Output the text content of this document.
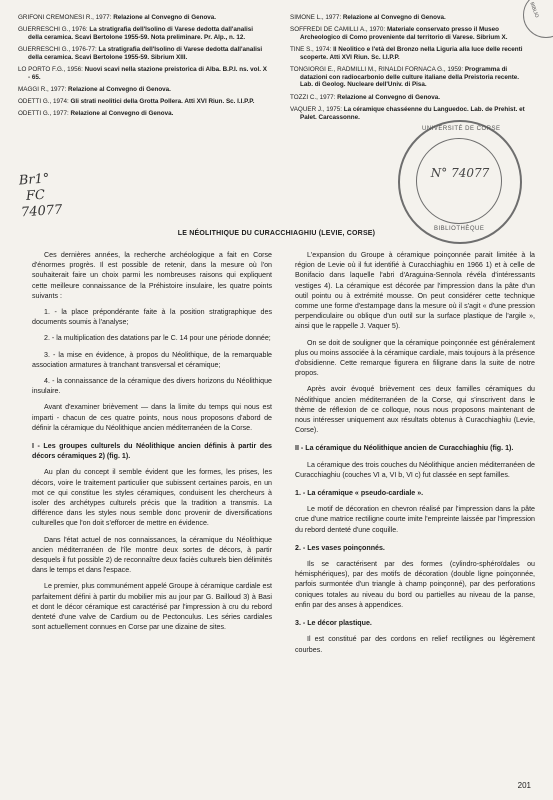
GRIFONI CREMONESI R., 1977: Relazione al Convegno di Genova.
GUERRESCHI G., 1976: La stratigrafia dell'Isolino di Varese dedotta dall'analisi della ceramica. Scavi Bertolone 1955-59. Nota preliminare. Pr. Alp., n. 12.
GUERRESCHI G., 1976-77: La stratigrafia dell'Isolino di Varese dedotta dall'analisi della ceramica. Scavi Bertolone 1955-59. Sibrium XIII.
LO PORTO F.G., 1956: Nuovi scavi nella stazione preistorica di Alba. B.P.I. ns. vol. X - 65.
MAGGI R., 1977: Relazione al Convegno di Genova.
ODETTI G., 1974: Gli strati neolitici della Grotta Pollera. Atti XVI Riun. Sc. I.I.P.P.
ODETTI G., 1977: Relazione al Convegno di Genova.
SIMONE L., 1977: Relazione al Convegno di Genova.
SOFFREDI DE CAMILLI A., 1970: Materiale conservato presso il Museo Archeologico di Como proveniente dal territorio di Varese. Sibrium X.
TINE S., 1974: Il Neolitico e l'età del Bronzo nella Liguria alla luce delle recenti scoperte. Atti XVI Riun. Sc. I.I.P.P.
TONGIORGI E., RADMILLI M., RINALDI FORNACA G., 1959: Programma di datazioni con radiocarbonio delle culture italiane della Preistoria recente. Lab. di Geolog. Nucleare dell'Univ. di Pisa.
TOZZI C., 1977: Relazione al Convegno di Genova.
VAQUER J., 1975: La céramique chasséenne du Languedoc. Lab. de Prehist. et Palet. Carcassonne.
Br1°
FC
74077
UNIVERSITÉ DE CORSE
BIBLIOTHÈQUE
N° 74077
BIBLIO
LE NÉOLITHIQUE DU CURACCHIAGHIU (LEVIE, CORSE)

Ces dernières années, la recherche archéologique a fait en Corse d'énormes progrès. Il est possible de retenir, dans la mesure où l'on souhaiterait faire un choix parmi les nombreuses raisons qui expliquent cette meilleure connaissance de la Préhistoire insulaire, les quatre points suivants :

1. - la place prépondérante faite à la position stratigraphique des documents soumis à l'analyse;

2. - la multiplication des datations par le C. 14 pour une période donnée;

3. - la mise en évidence, à propos du Néolithique, de la remarquable association armatures à tranchant transversal et céramique;

4. - la connaissance de la céramique des divers horizons du Néolithique insulaire.

Avant d'examiner brièvement — dans la limite du temps qui nous est imparti - chacun de ces quatre points, nous nous proposons d'abord de définir la céramique du Néolithique ancien méditerranéen de la Corse.

I - Les groupes culturels du Néolithique ancien définis à partir des décors céramiques 2) (fig. 1).

Au plan du concept il semble évident que les formes, les prises, les décors, voire le traitement particulier que subissent certaines parois, en un mot ce qui constitue les styles céramiques, conduisent les chercheurs à isoler des archétypes culturels précis que la tradition a transmis. La différence dans les styles nous semble donc provenir de diversifications culturelles que l'on doit s'efforcer de mettre en évidence.

Dans l'état actuel de nos connaissances, la céramique du Néolithique ancien méditerranéen de l'île montre deux sortes de décors, à partir desquels il fut possible 2) de reconnaître deux faciès culturels bien délimités dans le temps et dans l'espace.

Le premier, plus communément appelé Groupe à céramique cardiale est parfaitement défini à partir du mobilier mis au jour par G. Bailloud 3) à Basi et dont le décor céramique est caractérisé par l'impression à cru du rebord denteté d'une valve de Cardium ou de Pectonculus. Les séries cardiales sont actuellement connues en Corse par une dizaine de sites.

L'expansion du Groupe à céramique poinçonnée parait limitée à la région de Levie où il fut identifié à Curacchiaghiu en 1966 1) et à celle de Bonifacio dans laquelle l'abri d'Araguina-Sennola révéla d'intéressants vestiges 4). La céramique est décorée par l'impression dans la pâte d'un outil pointu ou à extrémité mousse. On peut considérer cette technique comme une forme d'estampage dans la mesure où il s'agit « d'une pression perpendiculaire ou oblique d'un outil sur la surface plastique de l'argile », ainsi que le rappelle J. Vaquer 5).

On se doit de souligner que la céramique poinçonnée est généralement plus ou moins associée à la céramique cardiale, mais toujours à la présence d'obsidienne. Cette remarque figurera en filigrane dans la suite de notre propos.

Après avoir évoqué brièvement ces deux familles céramiques du Néolithique ancien méditerranéen de la Corse, qui s'inscrivent dans le thème de réflexion de ce colloque, nous nous proposons maintenant de nous intéresser uniquement aux résultats obtenus à Curacchiaghiu (Levie, Corse).

II - La céramique du Néolithique ancien de Curacchiaghiu (fig. 1).

La céramique des trois couches du Néolithique ancien méditerranéen de Curacchiaghiu (couches VI a, VI b, VI c) fut classée en sept familles.

1. - La céramique « pseudo-cardiale ».

Le motif de décoration en chevron réalisé par l'impression dans la pâte crue d'une matrice rectiligne courte imite l'empreinte laissée par l'impression du rebord denteté d'une coquille.

2. - Les vases poinçonnés.

Ils se caractérisent par des formes (cylindro-sphéroïdales ou hémisphériques), par des motifs de décoration (double ligne poinçonnée, parfois surmontée d'un triangle à champ poinçonné), par des perforations coniques totales au niveau du bord ou partielles au niveau de la panse, enfin par des anses à appendices.

3. - Le décor plastique.

Il est constitué par des cordons en relief rectilignes ou légèrement courbes.

201
